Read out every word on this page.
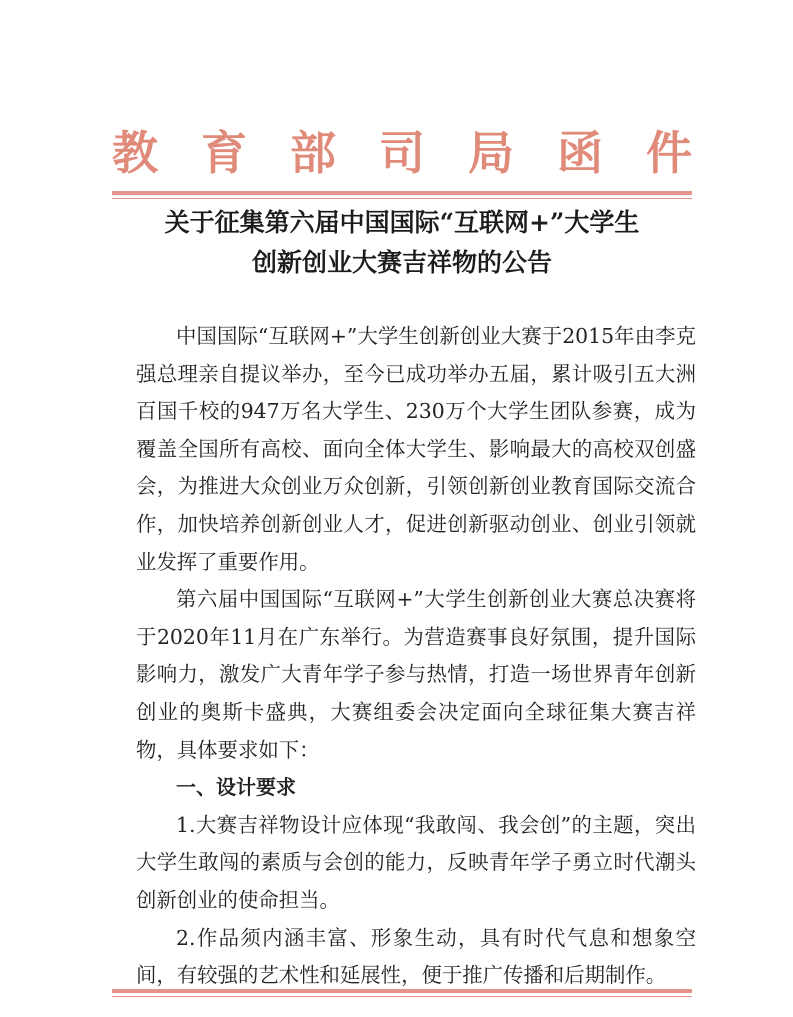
教 育 部 司 局 函 件
关于征集第六届中国国际“互联网+”大学生
创新创业大赛吉祥物的公告

中国国际“互联网+”大学生创新创业大赛于2015年由李克强总理亲自提议举办，至今已成功举办五届，累计吸引五大洲百国千校的947万名大学生、230万个大学生团队参赛，成为覆盖全国所有高校、面向全体大学生、影响最大的高校双创盛会，为推进大众创业万众创新，引领创新创业教育国际交流合作，加快培养创新创业人才，促进创新驱动创业、创业引领就业发挥了重要作用。

第六届中国国际“互联网+”大学生创新创业大赛总决赛将于2020年11月在广东举行。为营造赛事良好氛围，提升国际影响力，激发广大青年学子参与热情，打造一场世界青年创新创业的奥斯卡盛典，大赛组委会决定面向全球征集大赛吉祥物，具体要求如下：

一、设计要求

1.大赛吉祥物设计应体现“我敢闯、我会创”的主题，突出大学生敢闯的素质与会创的能力，反映青年学子勇立时代潮头创新创业的使命担当。

2.作品须内涵丰富、形象生动，具有时代气息和想象空间，有较强的艺术性和延展性，便于推广传播和后期制作。
